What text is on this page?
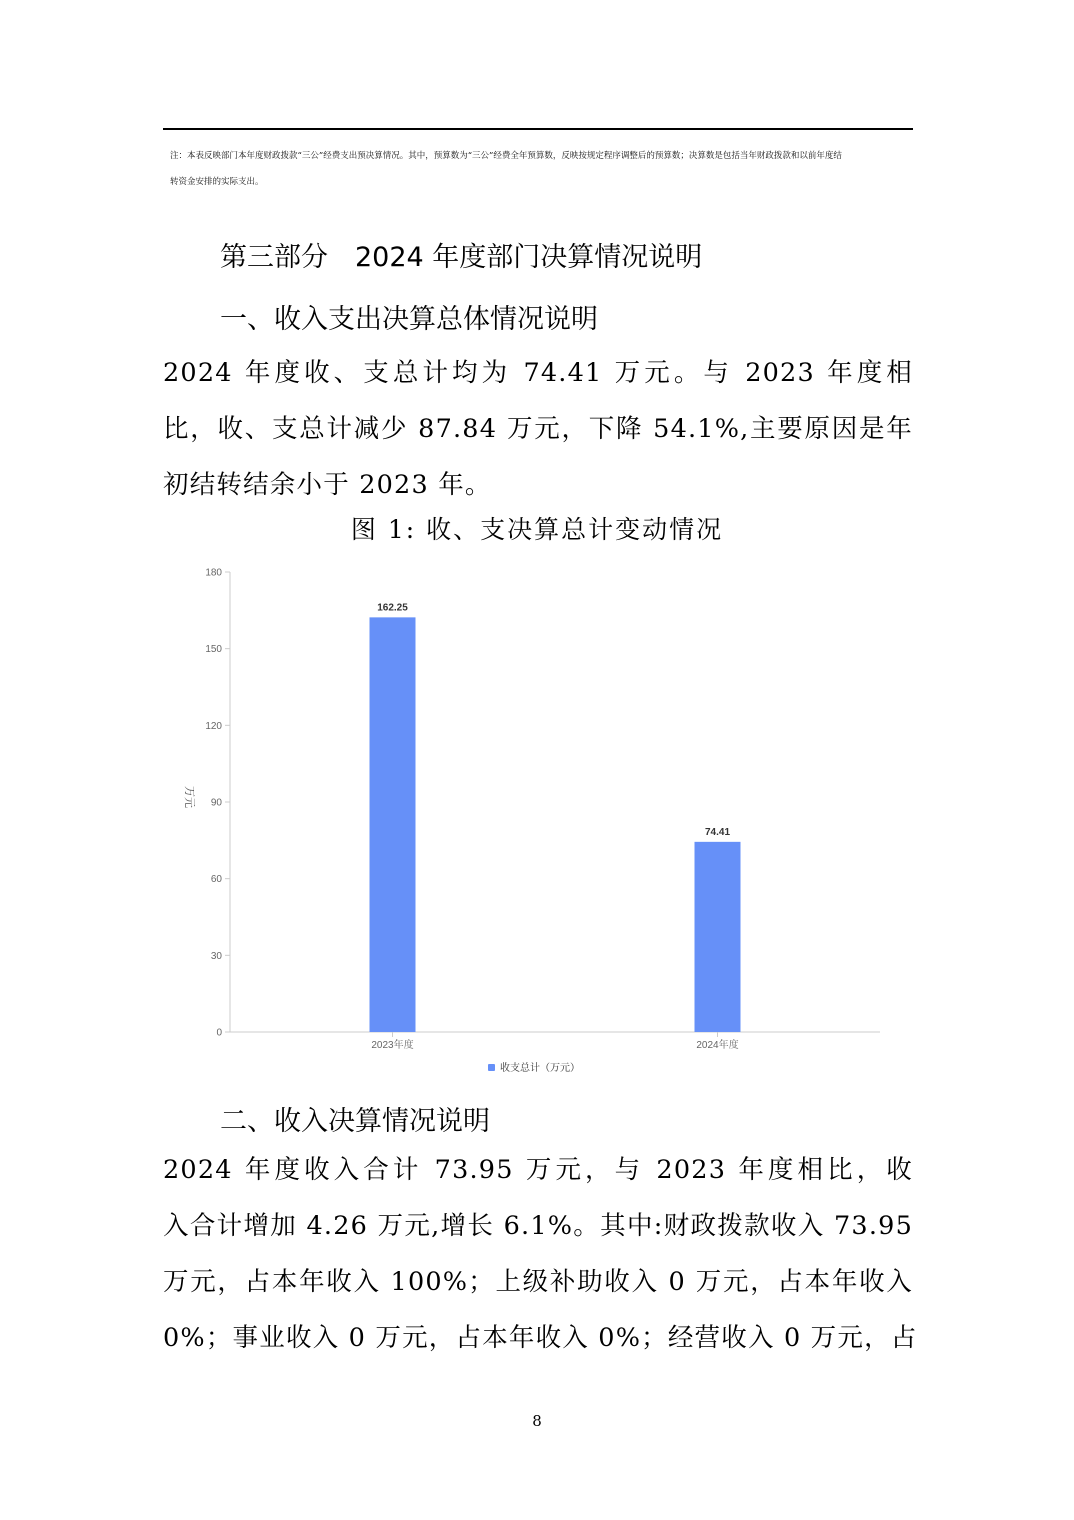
注：本表反映部门本年度财政拨款“三公”经费支出预决算情况。其中，预算数为“三公”经费全年预算数，反映按规定程序调整后的预算数；决算数是包括当年财政拨款和以前年度结
转资金安排的实际支出。
第三部分　2024 年度部门决算情况说明
一、收入支出决算总体情况说明
2024 年度收、支总计均为 74.41 万元。与 2023 年度相
比，收、支总计减少 87.84 万元，下降 54.1%,主要原因是年
初结转结余小于 2023 年。
图 1: 收、支决算总计变动情况
0
30
60
90
120
150
180
万元
162.25
2023年度
74.41
2024年度
收支总计（万元）
二、收入决算情况说明
2024 年度收入合计 73.95 万元，与 2023 年度相比，收
入合计增加 4.26 万元,增长 6.1%。其中:财政拨款收入 73.95
万元，占本年收入 100%；上级补助收入 0 万元，占本年收入
0%；事业收入 0 万元，占本年收入 0%；经营收入 0 万元，占
8
